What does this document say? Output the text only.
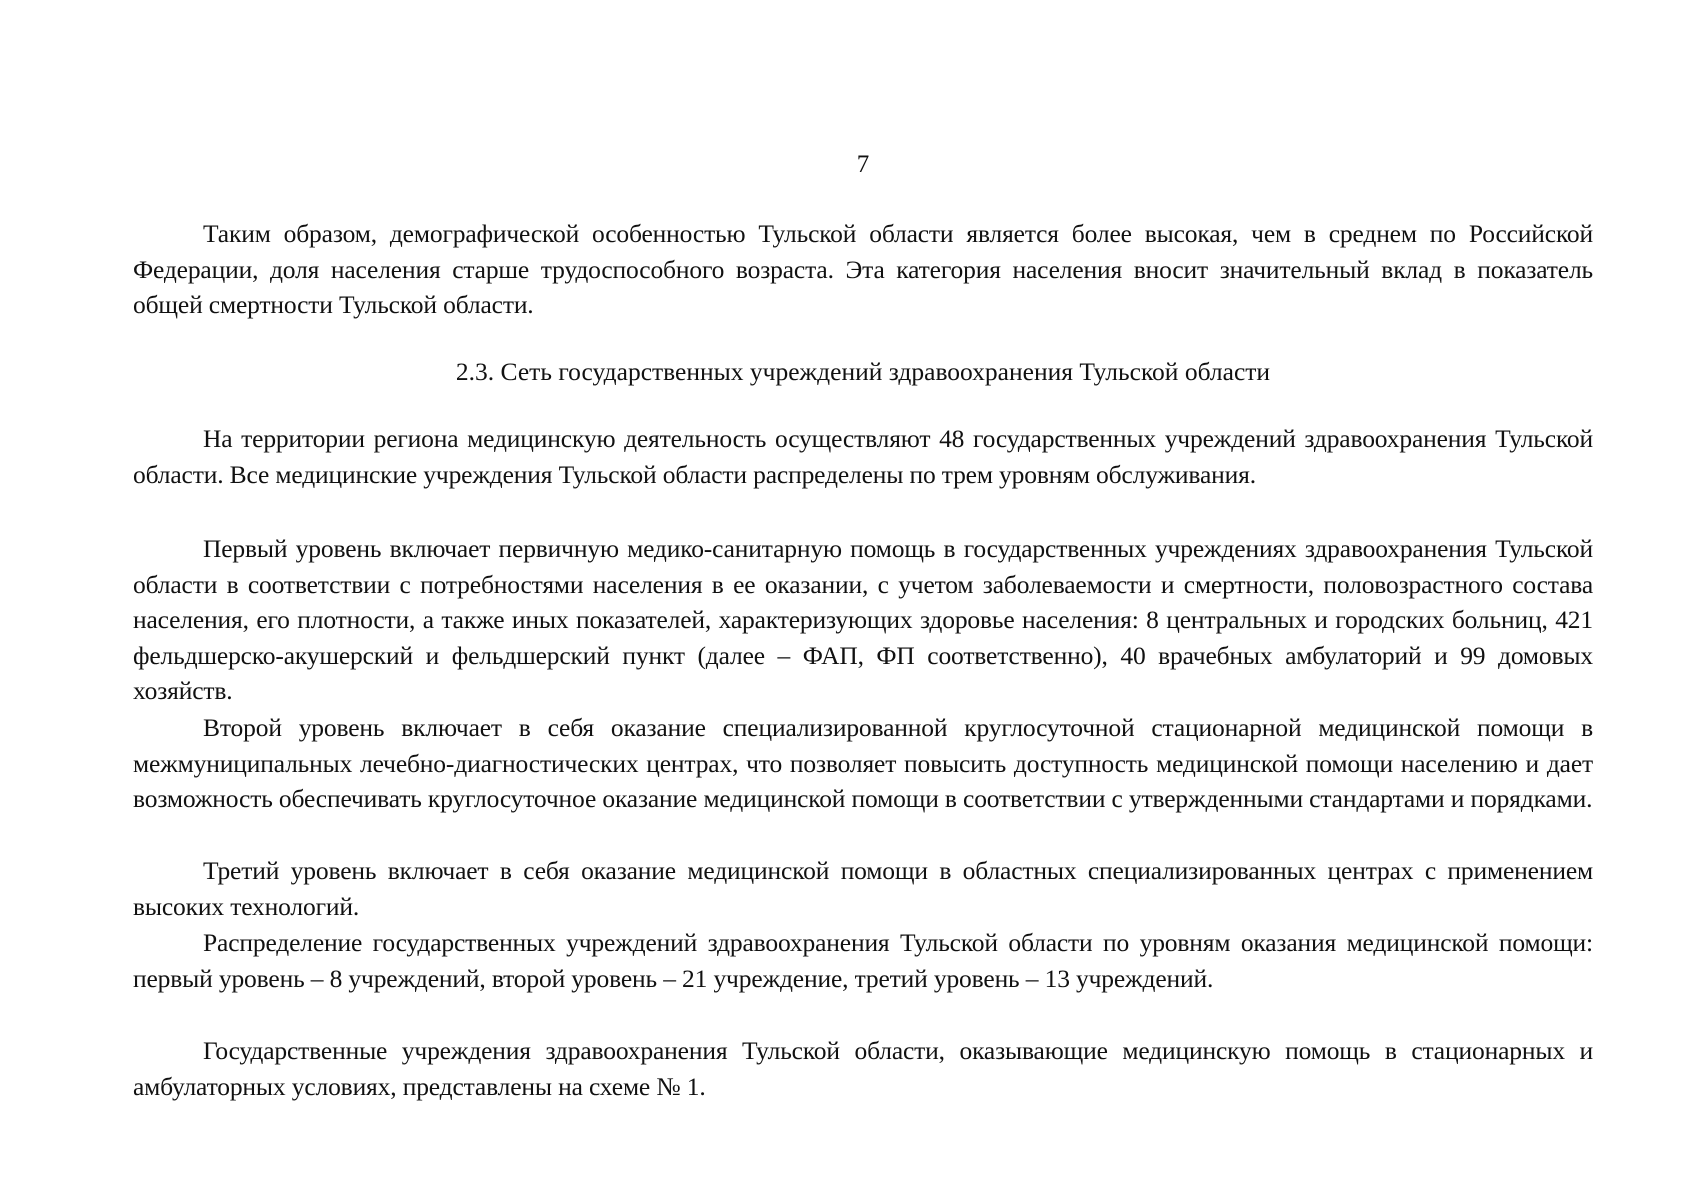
7

Таким образом, демографической особенностью Тульской области является более высокая, чем в среднем по Российской Федерации, доля населения старше трудоспособного возраста. Эта категория населения вносит значительный вклад в показатель общей смертности Тульской области.

2.3. Сеть государственных учреждений здравоохранения Тульской области

На территории региона медицинскую деятельность осуществляют 48 государственных учреждений здравоохранения Тульской области. Все медицинские учреждения Тульской области распределены по трем уровням обслуживания.

Первый уровень включает первичную медико-санитарную помощь в государственных учреждениях здравоохранения Тульской области в соответствии с потребностями населения в ее оказании, с учетом заболеваемости и смертности, половозрастного состава населения, его плотности, а также иных показателей, характеризующих здоровье населения: 8 центральных и городских больниц, 421 фельдшерско-акушерский и фельдшерский пункт (далее – ФАП, ФП соответственно), 40 врачебных амбулаторий и 99 домовых хозяйств.

Второй уровень включает в себя оказание специализированной круглосуточной стационарной медицинской помощи в межмуниципальных лечебно-диагностических центрах, что позволяет повысить доступность медицинской помощи населению и дает возможность обеспечивать круглосуточное оказание медицинской помощи в соответствии с утвержденными стандартами и порядками.

Третий уровень включает в себя оказание медицинской помощи в областных специализированных центрах с применением высоких технологий.

Распределение государственных учреждений здравоохранения Тульской области по уровням оказания медицинской помощи: первый уровень – 8 учреждений, второй уровень – 21 учреждение, третий уровень – 13 учреждений.

Государственные учреждения здравоохранения Тульской области, оказывающие медицинскую помощь в стационарных и амбулаторных условиях, представлены на схеме № 1.
